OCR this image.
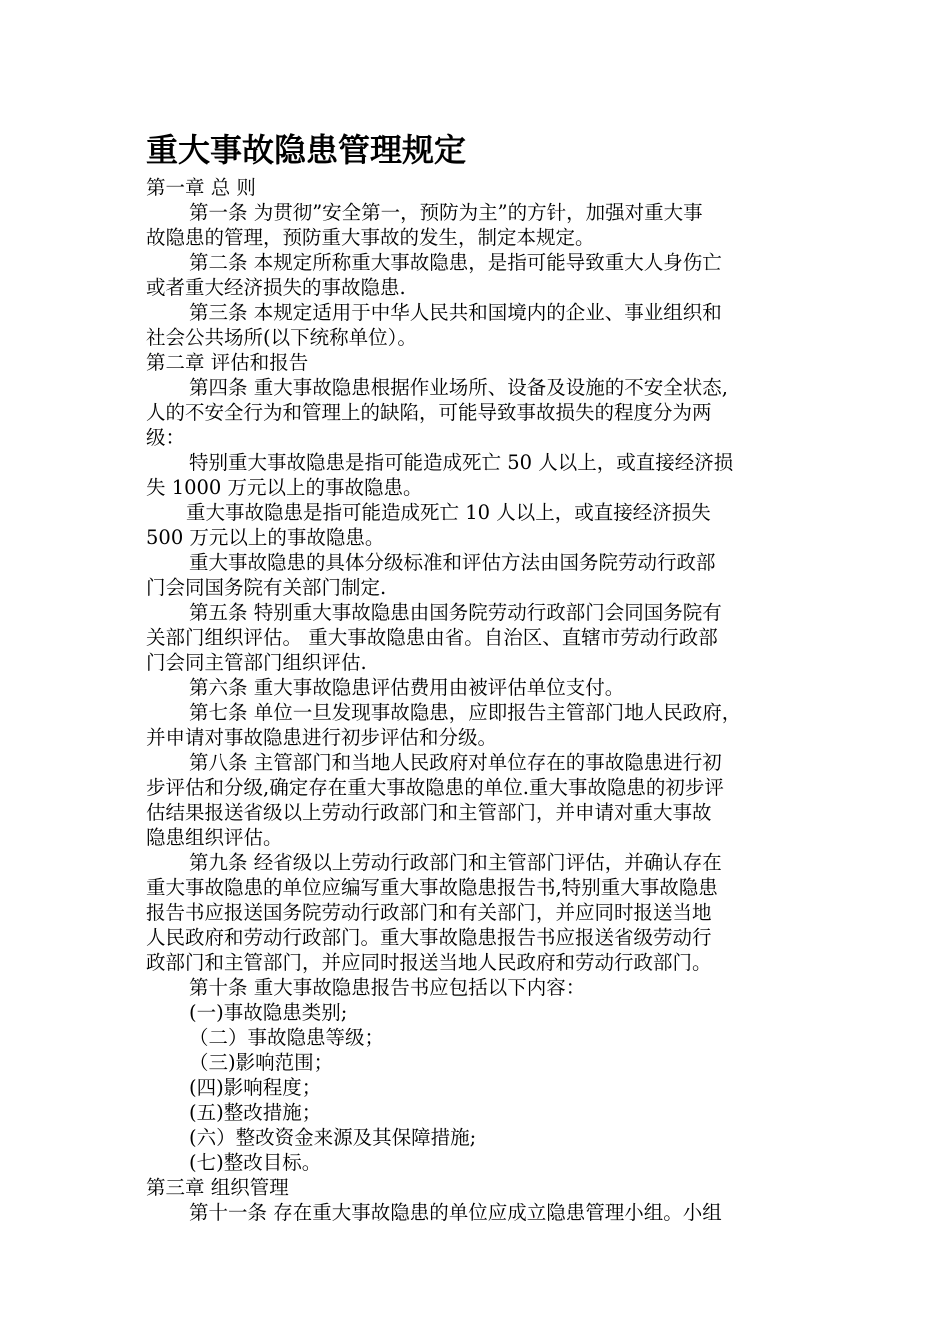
重大事故隐患管理规定
第一章 总 则
第一条 为贯彻”安全第一，预防为主”的方针，加强对重大事
故隐患的管理，预防重大事故的发生，制定本规定。
第二条 本规定所称重大事故隐患，是指可能导致重大人身伤亡
或者重大经济损失的事故隐患.
第三条 本规定适用于中华人民共和国境内的企业、事业组织和
社会公共场所(以下统称单位）。
第二章 评估和报告
第四条 重大事故隐患根据作业场所、设备及设施的不安全状态,
人的不安全行为和管理上的缺陷，可能导致事故损失的程度分为两
级：
特别重大事故隐患是指可能造成死亡 50 人以上，或直接经济损
失 1000 万元以上的事故隐患。
重大事故隐患是指可能造成死亡 10 人以上，或直接经济损失
500 万元以上的事故隐患。
重大事故隐患的具体分级标准和评估方法由国务院劳动行政部
门会同国务院有关部门制定.
第五条 特别重大事故隐患由国务院劳动行政部门会同国务院有
关部门组织评估。 重大事故隐患由省。自治区、直辖市劳动行政部
门会同主管部门组织评估.
第六条 重大事故隐患评估费用由被评估单位支付。
第七条 单位一旦发现事故隐患，应即报告主管部门地人民政府，
并申请对事故隐患进行初步评估和分级。
第八条 主管部门和当地人民政府对单位存在的事故隐患进行初
步评估和分级,确定存在重大事故隐患的单位.重大事故隐患的初步评
估结果报送省级以上劳动行政部门和主管部门，并申请对重大事故
隐患组织评估。
第九条 经省级以上劳动行政部门和主管部门评估，并确认存在
重大事故隐患的单位应编写重大事故隐患报告书,特别重大事故隐患
报告书应报送国务院劳动行政部门和有关部门，并应同时报送当地
人民政府和劳动行政部门。重大事故隐患报告书应报送省级劳动行
政部门和主管部门，并应同时报送当地人民政府和劳动行政部门。
第十条 重大事故隐患报告书应包括以下内容：
(一)事故隐患类别;
（二）事故隐患等级；
（三)影响范围；
(四)影响程度；
(五)整改措施；
(六）整改资金来源及其保障措施;
(七)整改目标。
第三章 组织管理
第十一条 存在重大事故隐患的单位应成立隐患管理小组。小组
